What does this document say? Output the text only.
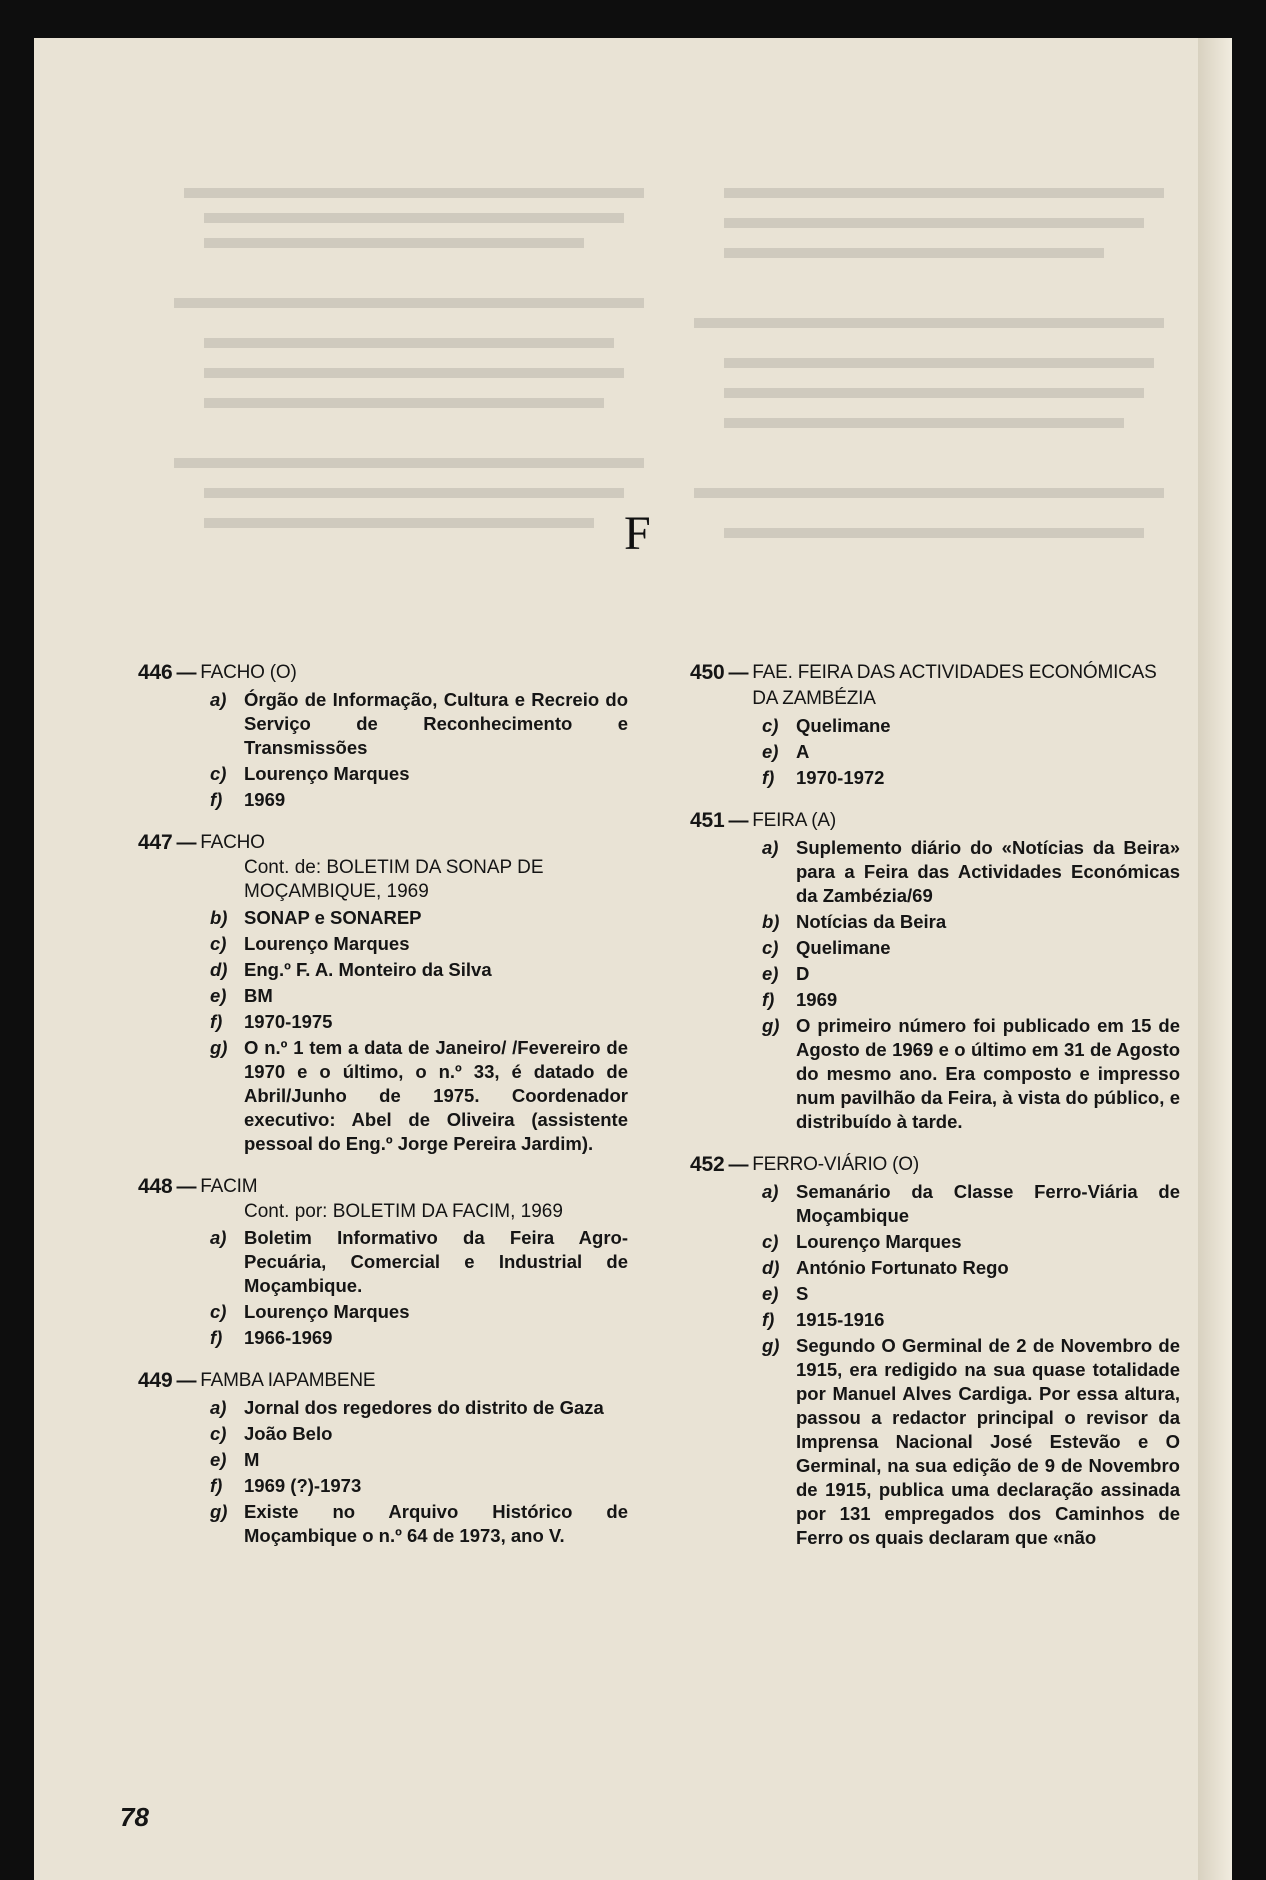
F
446 — FACHO (O)
a) Órgão de Informação, Cultura e Recreio do Serviço de Reconhecimento e Transmissões
c) Lourenço Marques
f)	1969
447 — FACHO
Cont. de: BOLETIM DA SONAP DE MOÇAMBIQUE, 1969
b) SONAP e SONAREP
c) Lourenço Marques
d) Eng.º F. A. Monteiro da Silva
e) BM
f)	1970-1975
g) O n.º 1 tem a data de Janeiro/ /Fevereiro de 1970 e o último, o n.º 33, é datado de Abril/Junho de 1975. Coordenador executivo: Abel de Oliveira (assistente pessoal do Eng.º Jorge Pereira Jardim).
448 — FACIM
Cont. por: BOLETIM DA FACIM, 1969
a) Boletim Informativo da Feira Agro-Pecuária, Comercial e Industrial de Moçambique.
c) Lourenço Marques
f)	1966-1969
449 — FAMBA IAPAMBENE
a) Jornal dos regedores do distrito de Gaza
c) João Belo
e) M
f)	1969 (?)-1973
g) Existe no Arquivo Histórico de Moçambique o n.º 64 de 1973, ano V.
450 — FAE. FEIRA DAS ACTIVIDADES ECONÓMICAS DA ZAMBÉZIA
c) Quelimane
e) A
f)	1970-1972
451 — FEIRA (A)
a) Suplemento diário do «Notícias da Beira» para a Feira das Actividades Económicas da Zambézia/69
b) Notícias da Beira
c) Quelimane
e) D
f)	1969
g) O primeiro número foi publicado em 15 de Agosto de 1969 e o último em 31 de Agosto do mesmo ano. Era composto e impresso num pavilhão da Feira, à vista do público, e distribuído à tarde.
452 — FERRO-VIÁRIO (O)
a) Semanário da Classe Ferro-Viária de Moçambique
c) Lourenço Marques
d) António Fortunato Rego
e) S
f)	1915-1916
g) Segundo O Germinal de 2 de Novembro de 1915, era redigido na sua quase totalidade por Manuel Alves Cardiga. Por essa altura, passou a redactor principal o revisor da Imprensa Nacional José Estevão e O Germinal, na sua edição de 9 de Novembro de 1915, publica uma declaração assinada por 131 empregados dos Caminhos de Ferro os quais declaram que «não
78
